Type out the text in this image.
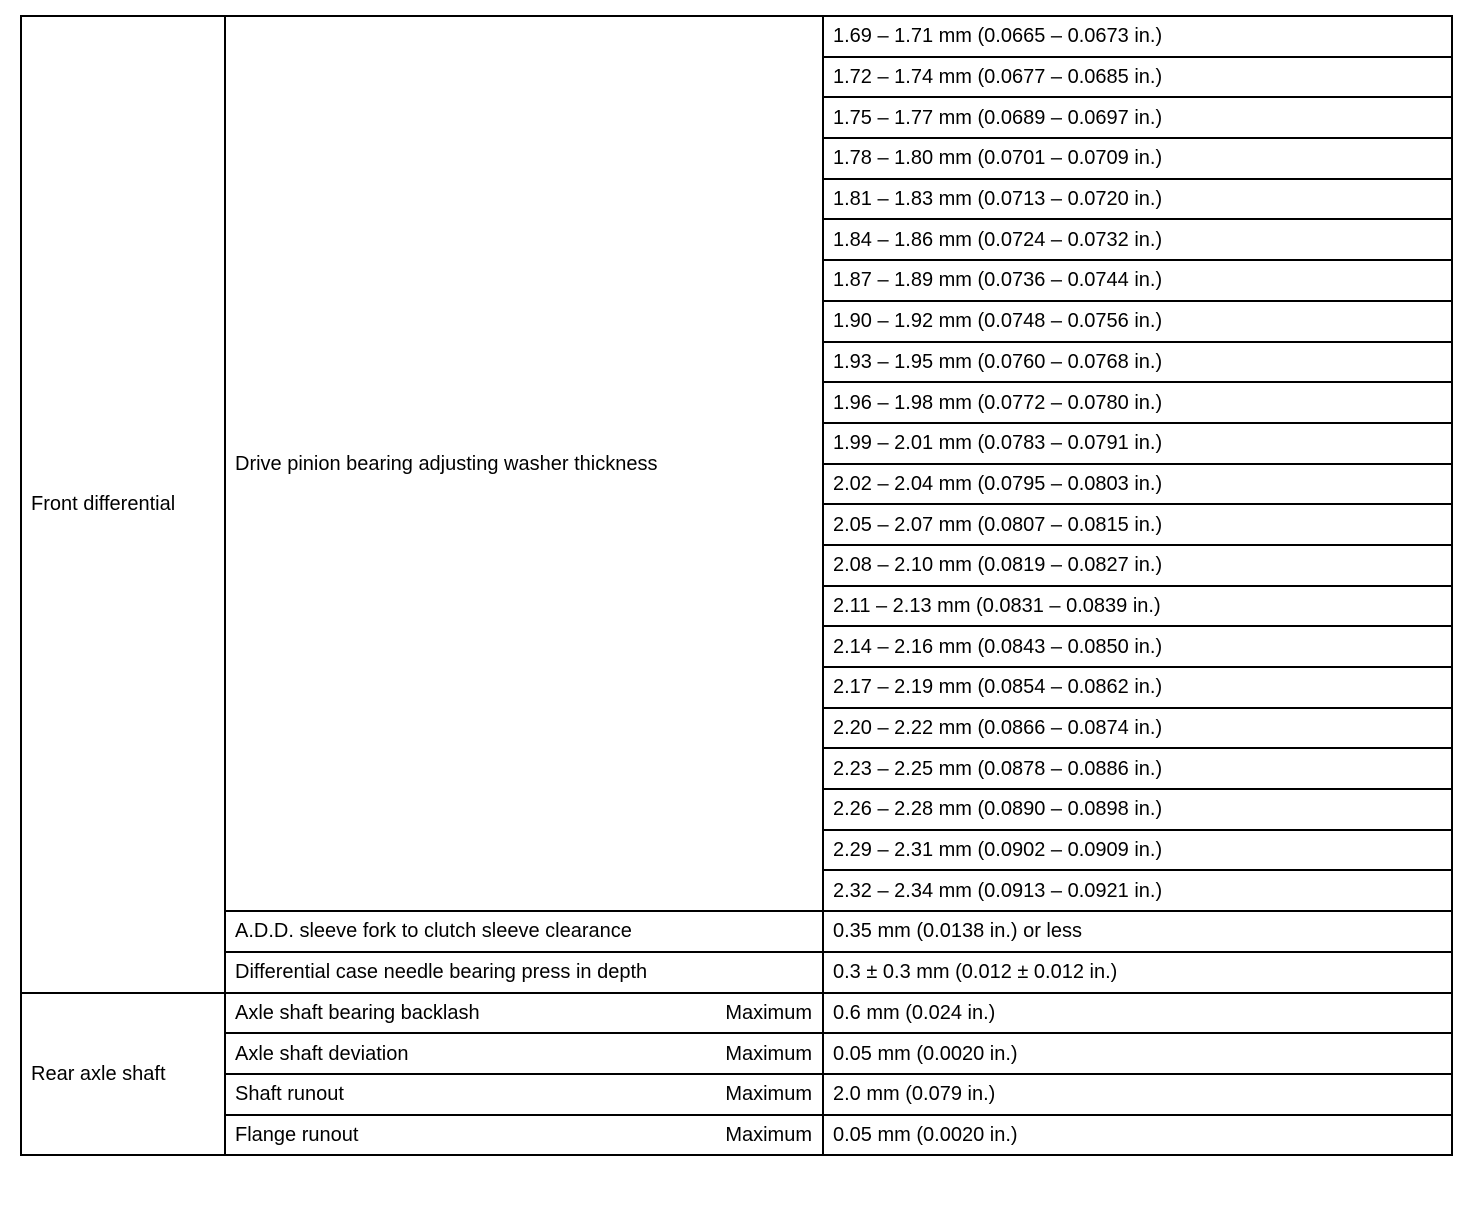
Front differential	Drive pinion bearing adjusting washer thickness	1.69 – 1.71 mm (0.0665 – 0.0673 in.)
		1.72 – 1.74 mm (0.0677 – 0.0685 in.)
		1.75 – 1.77 mm (0.0689 – 0.0697 in.)
		1.78 – 1.80 mm (0.0701 – 0.0709 in.)
		1.81 – 1.83 mm (0.0713 – 0.0720 in.)
		1.84 – 1.86 mm (0.0724 – 0.0732 in.)
		1.87 – 1.89 mm (0.0736 – 0.0744 in.)
		1.90 – 1.92 mm (0.0748 – 0.0756 in.)
		1.93 – 1.95 mm (0.0760 – 0.0768 in.)
		1.96 – 1.98 mm (0.0772 – 0.0780 in.)
		1.99 – 2.01 mm (0.0783 – 0.0791 in.)
		2.02 – 2.04 mm (0.0795 – 0.0803 in.)
		2.05 – 2.07 mm (0.0807 – 0.0815 in.)
		2.08 – 2.10 mm (0.0819 – 0.0827 in.)
		2.11 – 2.13 mm (0.0831 – 0.0839 in.)
		2.14 – 2.16 mm (0.0843 – 0.0850 in.)
		2.17 – 2.19 mm (0.0854 – 0.0862 in.)
		2.20 – 2.22 mm (0.0866 – 0.0874 in.)
		2.23 – 2.25 mm (0.0878 – 0.0886 in.)
		2.26 – 2.28 mm (0.0890 – 0.0898 in.)
		2.29 – 2.31 mm (0.0902 – 0.0909 in.)
		2.32 – 2.34 mm (0.0913 – 0.0921 in.)

	A.D.D. sleeve fork to clutch sleeve clearance	0.35 mm (0.0138 in.) or less

	Differential case needle bearing press in depth	0.3 ± 0.3 mm (0.012 ± 0.012 in.)
Rear axle shaft	Axle shaft bearing backlash Maximum	0.6 mm (0.024 in.)

	Axle shaft deviation Maximum	0.05 mm (0.0020 in.)

	Shaft runout Maximum	2.0 mm (0.079 in.)

	Flange runout Maximum	0.05 mm (0.0020 in.)
